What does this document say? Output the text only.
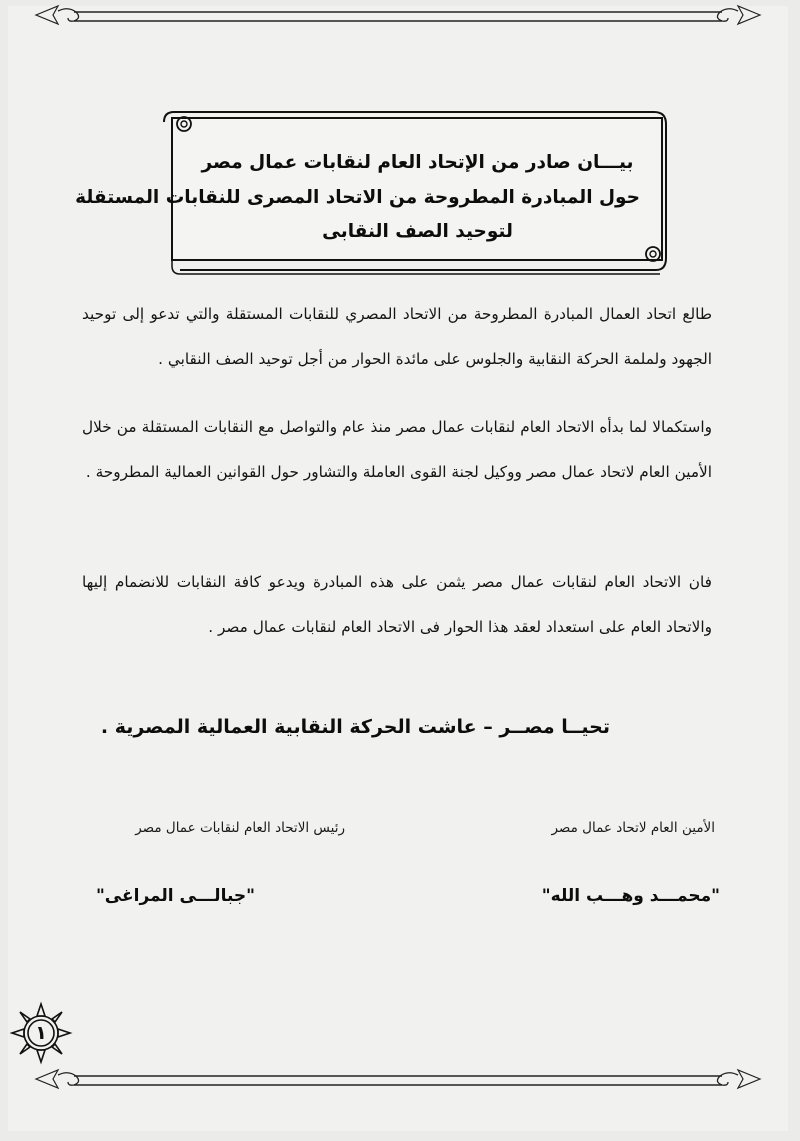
بيـــان صادر من الإتحاد العام لنقابات عمال مصر
حول المبادرة المطروحة من الاتحاد المصرى للنقابات المستقلة
لتوحيد الصف النقابى

طالع اتحاد العمال المبادرة المطروحة من الاتحاد المصري للنقابات المستقلة والتي تدعو إلى توحيد الجهود ولملمة الحركة النقابية والجلوس على مائدة الحوار من أجل توحيد الصف النقابي .

واستكمالا لما بدأه الاتحاد العام لنقابات عمال مصر منذ عام والتواصل مع النقابات المستقلة من خلال الأمين العام لاتحاد عمال مصر ووكيل لجنة القوى العاملة والتشاور حول القوانين العمالية المطروحة .

فان الاتحاد العام لنقابات عمال مصر يثمن على هذه المبادرة ويدعو كافة النقابات للانضمام إليها والاتحاد العام على استعداد لعقد هذا الحوار فى الاتحاد العام لنقابات عمال مصر .

تحيــا مصــر – عاشت الحركة النقابية العمالية المصرية .
الأمين العام لاتحاد عمال مصر
رئيس الاتحاد العام لنقابات عمال مصر
"محمـــد وهـــب الله"
"جبالـــى المراغى"
١
